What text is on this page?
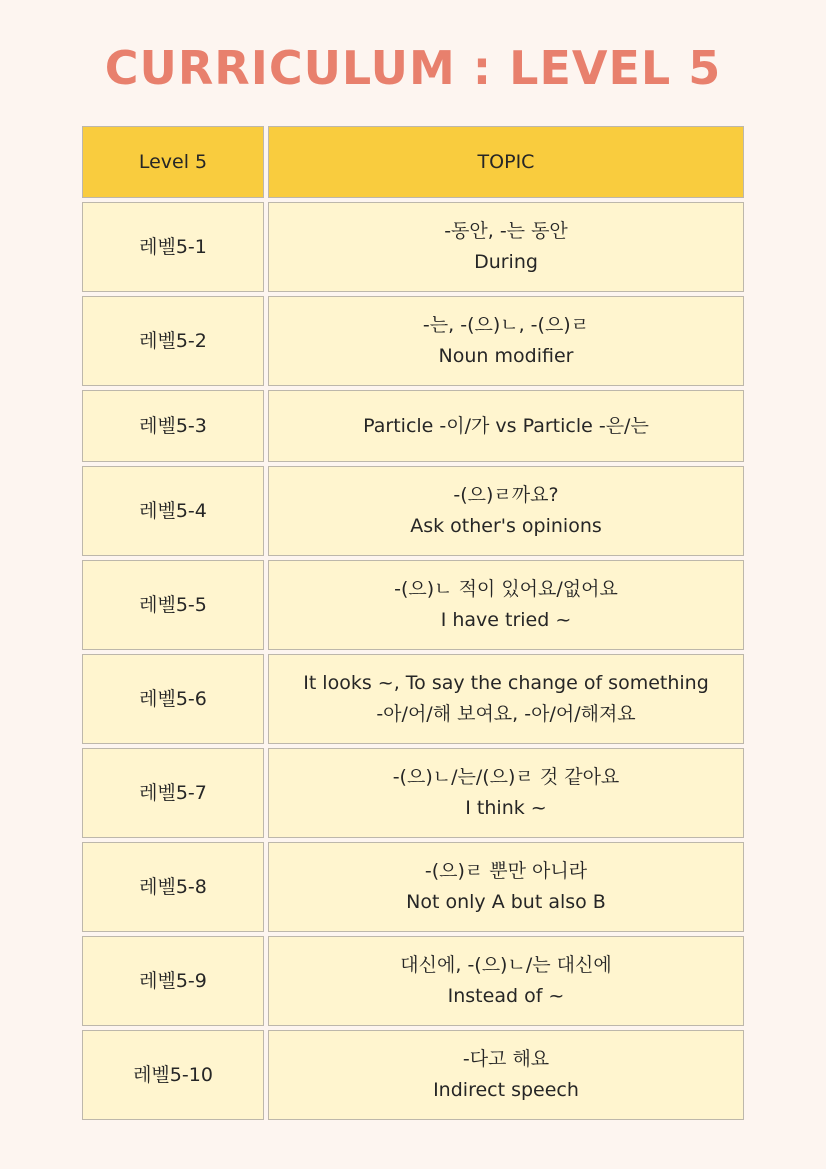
CURRICULUM : LEVEL 5
Level 5	TOPIC
레벨5-1
-동안, -는 동안
During
레벨5-2
-는, -(으)ㄴ, -(으)ㄹ
Noun modifier
레벨5-3	Particle -이/가 vs Particle -은/는
레벨5-4
-(으)ㄹ까요?
Ask other's opinions
레벨5-5
-(으)ㄴ 적이 있어요/없어요
I have tried ~
레벨5-6
It looks ~, To say the change of something
-아/어/해 보여요, -아/어/해져요
레벨5-7
-(으)ㄴ/는/(으)ㄹ 것 같아요
I think ~
레벨5-8
-(으)ㄹ 뿐만 아니라
Not only A but also B
레벨5-9
대신에, -(으)ㄴ/는 대신에
Instead of ~
레벨5-10
-다고 해요
Indirect speech
